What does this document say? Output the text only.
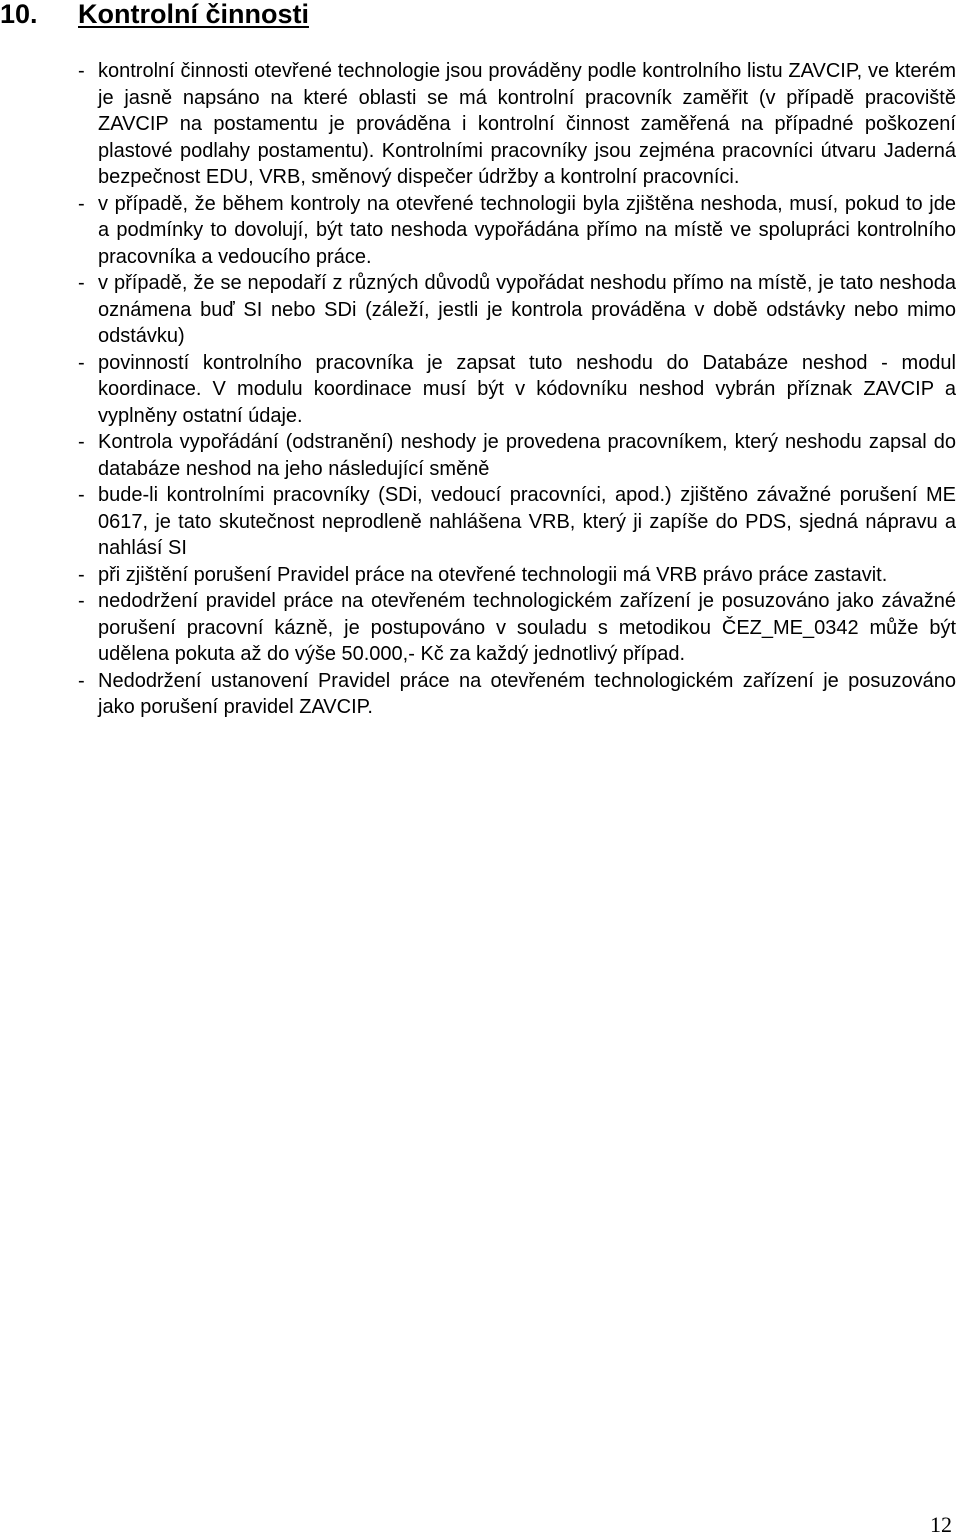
10.	Kontrolní činnosti
- kontrolní činnosti otevřené technologie jsou prováděny podle kontrolního listu ZAVCIP, ve kterém je jasně napsáno na které oblasti se má kontrolní pracovník zaměřit (v případě pracoviště ZAVCIP na postamentu je prováděna i kontrolní činnost zaměřená na případné poškození plastové podlahy postamentu). Kontrolními pracovníky jsou zejména pracovníci útvaru Jaderná bezpečnost EDU, VRB, směnový dispečer údržby a kontrolní pracovníci.
- v případě, že během kontroly na otevřené technologii byla zjištěna neshoda, musí, pokud to jde a podmínky to dovolují, být tato neshoda vypořádána přímo na místě ve spolupráci kontrolního pracovníka a vedoucího práce.
- v případě, že se nepodaří z různých důvodů vypořádat neshodu přímo na místě, je tato neshoda oznámena buď SI nebo SDi (záleží, jestli je kontrola prováděna v době odstávky nebo mimo odstávku)
- povinností kontrolního pracovníka je zapsat tuto neshodu do Databáze neshod - modul koordinace. V modulu koordinace musí být v kódovníku neshod vybrán příznak ZAVCIP a vyplněny ostatní údaje.
- Kontrola vypořádání (odstranění) neshody je provedena pracovníkem, který neshodu zapsal do databáze neshod na jeho následující směně
- bude-li kontrolními pracovníky (SDi, vedoucí pracovníci, apod.) zjištěno závažné porušení ME 0617, je tato skutečnost neprodleně nahlášena VRB, který ji zapíše do PDS, sjedná nápravu a nahlásí SI
- při zjištění porušení Pravidel práce na otevřené technologii má VRB právo práce zastavit.
- nedodržení pravidel práce na otevřeném technologickém zařízení je posuzováno jako závažné porušení pracovní kázně, je postupováno v souladu s metodikou ČEZ_ME_0342 může být udělena pokuta až do výše 50.000,- Kč za každý jednotlivý případ.
- Nedodržení ustanovení Pravidel práce na otevřeném technologickém zařízení je posuzováno jako porušení pravidel ZAVCIP.
12
